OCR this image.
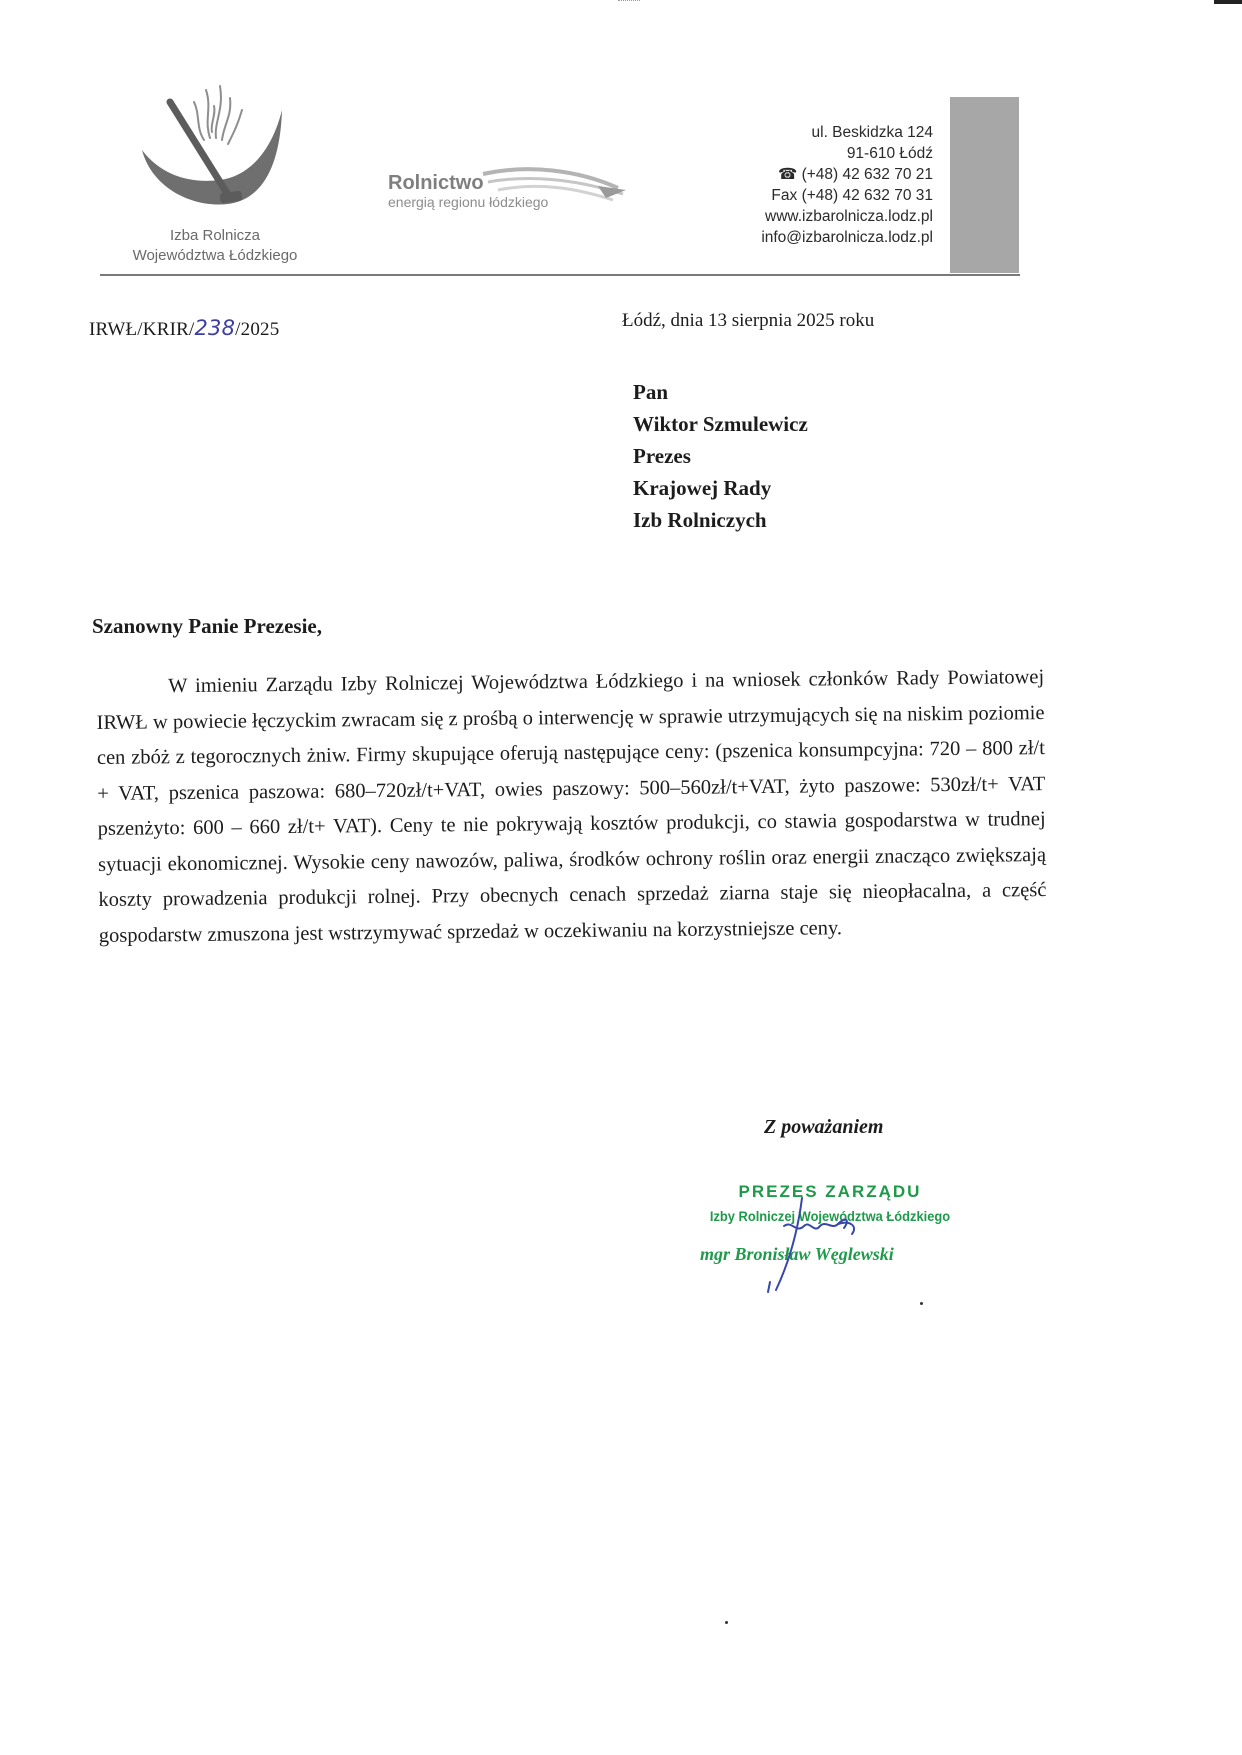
Izba Rolnicza
Województwa Łódzkiego
Rolnictwo
energią regionu łódzkiego
ul. Beskidzka 124
91-610 Łódź
☎ (+48) 42 632 70 21
Fax (+48) 42 632 70 31
www.izbarolnicza.lodz.pl
info@izbarolnicza.lodz.pl
IRWŁ/KRIR/238/2025	Łódź, dnia 13 sierpnia 2025 roku
Pan
Wiktor Szmulewicz
Prezes
Krajowej Rady
Izb Rolniczych
Szanowny Panie Prezesie,
W imieniu Zarządu Izby Rolniczej Województwa Łódzkiego i na wniosek członków Rady Powiatowej IRWŁ w powiecie łęczyckim zwracam się z prośbą o interwencję w sprawie utrzymujących się na niskim poziomie cen zbóż z tegorocznych żniw. Firmy skupujące oferują następujące ceny: (pszenica konsumpcyjna: 720 – 800 zł/t + VAT, pszenica paszowa: 680–720zł/t+VAT, owies paszowy: 500–560zł/t+VAT, żyto paszowe: 530zł/t+ VAT pszenżyto: 600 – 660 zł/t+ VAT). Ceny te nie pokrywają kosztów produkcji, co stawia gospodarstwa w trudnej sytuacji ekonomicznej. Wysokie ceny nawozów, paliwa, środków ochrony roślin oraz energii znacząco zwiększają koszty prowadzenia produkcji rolnej. Przy obecnych cenach sprzedaż ziarna staje się nieopłacalna, a część gospodarstw zmuszona jest wstrzymywać sprzedaż w oczekiwaniu na korzystniejsze ceny.
Z poważaniem
PREZES ZARZĄDU
Izby Rolniczej Województwa Łódzkiego
mgr Bronisław Węglewski
